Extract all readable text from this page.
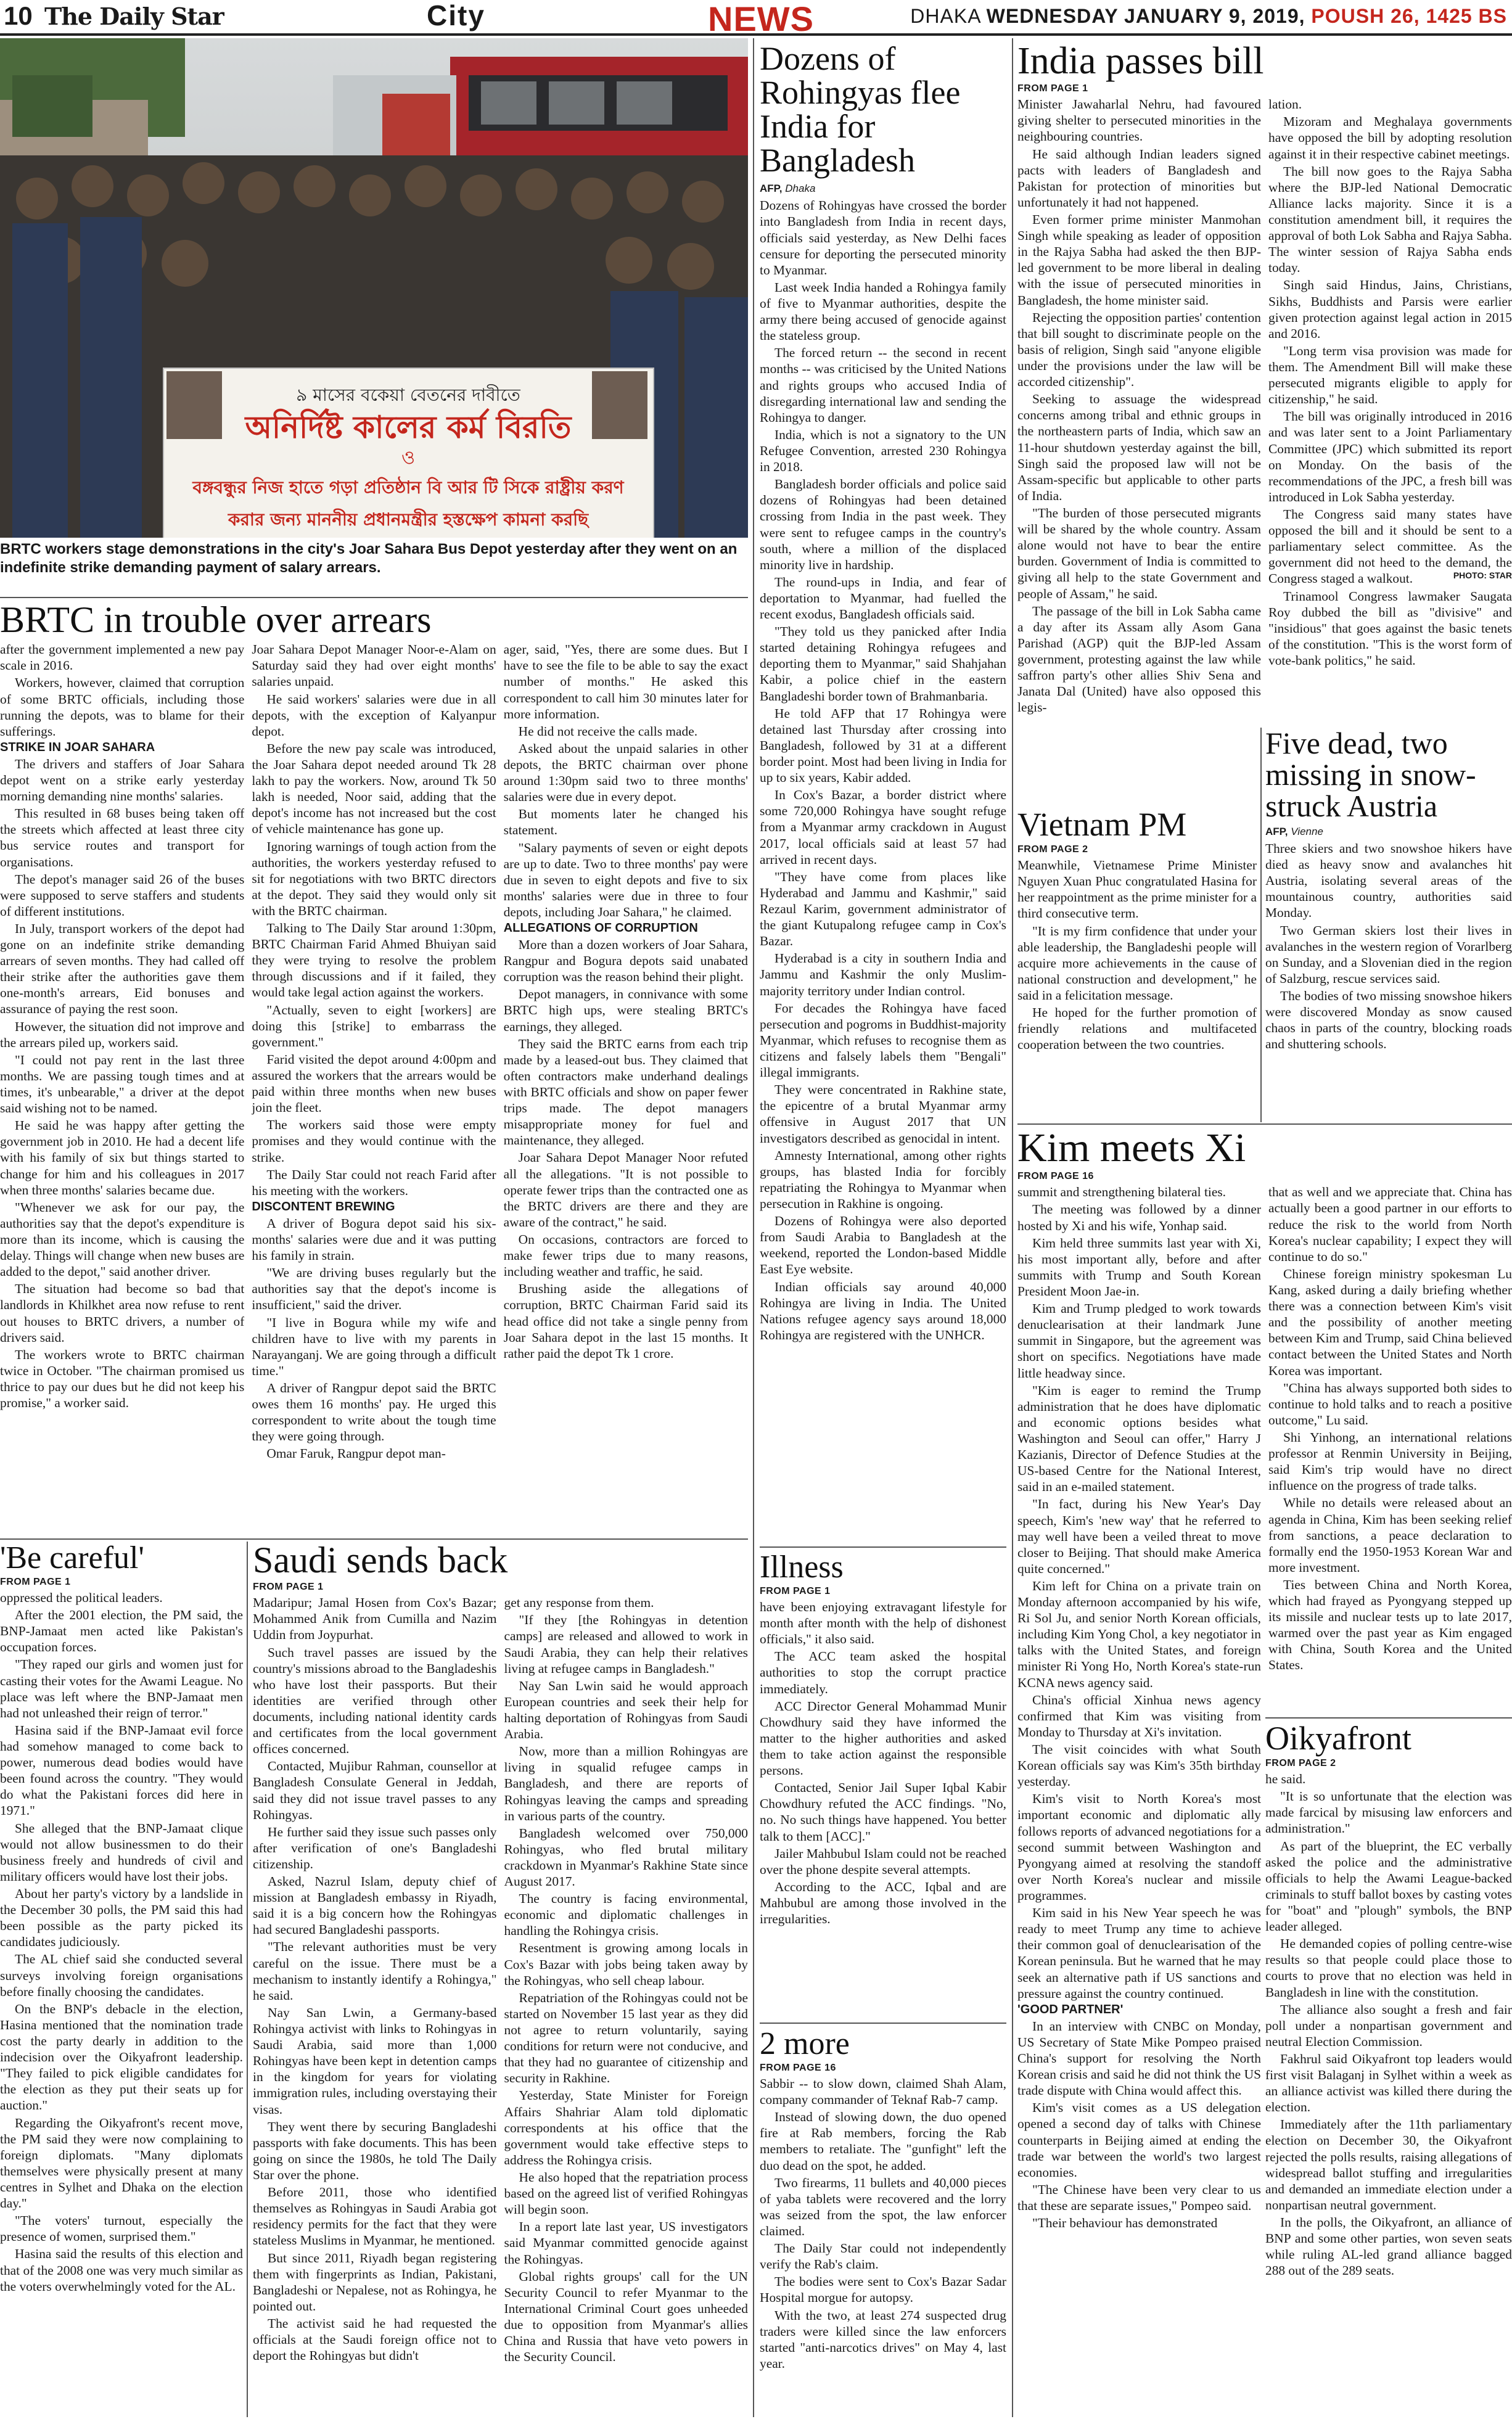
10 The Daily Star	City	NEWS	DHAKA WEDNESDAY JANUARY 9, 2019, POUSH 26, 1425 BS
৯ মাসের বকেয়া বেতনের দাবীতে
অনির্দিষ্ট কালের কর্ম বিরতি
ও
বঙ্গবন্ধুর নিজ হাতে গড়া প্রতিষ্ঠান বি আর টি সিকে রাষ্ট্রীয় করণ
করার জন্য মাননীয় প্রধানমন্ত্রীর হস্তক্ষেপ কামনা করছি
BRTC workers stage demonstrations in the city's Joar Sahara Bus Depot yesterday after they went on an indefinite strike demanding payment of salary arrears.	PHOTO: STAR
BRTC in trouble over arrears

after the government implemented a new pay scale in 2016.

Workers, however, claimed that corruption of some BRTC officials, including those running the depots, was to blame for their sufferings.

STRIKE IN JOAR SAHARA

The drivers and staffers of Joar Sahara depot went on a strike early yesterday morning demanding nine months' salaries.

This resulted in 68 buses being taken off the streets which affected at least three city bus service routes and transport for organisations.

The depot's manager said 26 of the buses were supposed to serve staffers and students of different institutions.

In July, transport workers of the depot had gone on an indefinite strike demanding arrears of seven months. They had called off their strike after the authorities gave them one-month's arrears, Eid bonuses and assurance of paying the rest soon.

However, the situation did not improve and the arrears piled up, workers said.

"I could not pay rent in the last three months. We are passing tough times and at times, it's unbearable," a driver at the depot said wishing not to be named.

He said he was happy after getting the government job in 2010. He had a decent life with his family of six but things started to change for him and his colleagues in 2017 when three months' salaries became due.

"Whenever we ask for our pay, the authorities say that the depot's expenditure is more than its income, which is causing the delay. Things will change when new buses are added to the depot," said another driver.

The situation had become so bad that landlords in Khilkhet area now refuse to rent out houses to BRTC drivers, a number of drivers said.

The workers wrote to BRTC chairman twice in October. "The chairman promised us thrice to pay our dues but he did not keep his promise," a worker said.

Joar Sahara Depot Manager Noor-e-Alam on Saturday said they had over eight months' salaries unpaid.

He said workers' salaries were due in all depots, with the exception of Kalyanpur depot.

Before the new pay scale was introduced, the Joar Sahara depot needed around Tk 28 lakh to pay the workers. Now, around Tk 50 lakh is needed, Noor said, adding that the depot's income has not increased but the cost of vehicle maintenance has gone up.

Ignoring warnings of tough action from the authorities, the workers yesterday refused to sit for negotiations with two BRTC directors at the depot. They said they would only sit with the BRTC chairman.

Talking to The Daily Star around 1:30pm, BRTC Chairman Farid Ahmed Bhuiyan said they were trying to resolve the problem through discussions and if it failed, they would take legal action against the workers.

"Actually, seven to eight [workers] are doing this [strike] to embarrass the government."

Farid visited the depot around 4:00pm and assured the workers that the arrears would be paid within three months when new buses join the fleet.

The workers said those were empty promises and they would continue with the strike.

The Daily Star could not reach Farid after his meeting with the workers.

DISCONTENT BREWING

A driver of Bogura depot said his six-months' salaries were due and it was putting his family in strain.

"We are driving buses regularly but the authorities say that the depot's income is insufficient," said the driver.

"I live in Bogura while my wife and children have to live with my parents in Narayanganj. We are going through a difficult time."

A driver of Rangpur depot said the BRTC owes them 16 months' pay. He urged this correspondent to write about the tough time they were going through.

Omar Faruk, Rangpur depot man-

ager, said, "Yes, there are some dues. But I have to see the file to be able to say the exact number of months." He asked this correspondent to call him 30 minutes later for more information.

He did not receive the calls made.

Asked about the unpaid salaries in other depots, the BRTC chairman over phone around 1:30pm said two to three months' salaries were due in every depot.

But moments later he changed his statement.

"Salary payments of seven or eight depots are up to date. Two to three months' pay were due in seven to eight depots and five to six months' salaries were due in three to four depots, including Joar Sahara," he claimed.

ALLEGATIONS OF CORRUPTION

More than a dozen workers of Joar Sahara, Rangpur and Bogura depots said unabated corruption was the reason behind their plight.

Depot managers, in connivance with some BRTC high ups, were stealing BRTC's earnings, they alleged.

They said the BRTC earns from each trip made by a leased-out bus. They claimed that often contractors make underhand dealings with BRTC officials and show on paper fewer trips made. The depot managers misappropriate money for fuel and maintenance, they alleged.

Joar Sahara Depot Manager Noor refuted all the allegations. "It is not possible to operate fewer trips than the contracted one as the BRTC drivers are there and they are aware of the contract," he said.

On occasions, contractors are forced to make fewer trips due to many reasons, including weather and traffic, he said.

Brushing aside the allegations of corruption, BRTC Chairman Farid said its head office did not take a single penny from Joar Sahara depot in the last 15 months. It rather paid the depot Tk 1 crore.

'Be careful'
FROM PAGE 1

oppressed the political leaders.

After the 2001 election, the PM said, the BNP-Jamaat men acted like Pakistan's occupation forces.

"They raped our girls and women just for casting their votes for the Awami League. No place was left where the BNP-Jamaat men had not unleashed their reign of terror."

Hasina said if the BNP-Jamaat evil force had somehow managed to come back to power, numerous dead bodies would have been found across the country. "They would do what the Pakistani forces did here in 1971."

She alleged that the BNP-Jamaat clique would not allow businessmen to do their business freely and hundreds of civil and military officers would have lost their jobs.

About her party's victory by a landslide in the December 30 polls, the PM said this had been possible as the party picked its candidates judiciously.

The AL chief said she conducted several surveys involving foreign organisations before finally choosing the candidates.

On the BNP's debacle in the election, Hasina mentioned that the nomination trade cost the party dearly in addition to the indecision over the Oikyafront leadership. "They failed to pick eligible candidates for the election as they put their seats up for auction."

Regarding the Oikyafront's recent move, the PM said they were now complaining to foreign diplomats. "Many diplomats themselves were physically present at many centres in Sylhet and Dhaka on the election day."

"The voters' turnout, especially the presence of women, surprised them."

Hasina said the results of this election and that of the 2008 one was very much similar as the voters overwhelmingly voted for the AL.

Saudi sends back
FROM PAGE 1

Madaripur; Jamal Hosen from Cox's Bazar; Mohammed Anik from Cumilla and Nazim Uddin from Joypurhat.

Such travel passes are issued by the country's missions abroad to the Bangladeshis who have lost their passports. But their identities are verified through other documents, including national identity cards and certificates from the local government offices concerned.

Contacted, Mujibur Rahman, counsellor at Bangladesh Consulate General in Jeddah, said they did not issue travel passes to any Rohingyas.

He further said they issue such passes only after verification of one's Bangladeshi citizenship.

Asked, Nazrul Islam, deputy chief of mission at Bangladesh embassy in Riyadh, said it is a big concern how the Rohingyas had secured Bangladeshi passports.

"The relevant authorities must be very careful on the issue. There must be a mechanism to instantly identify a Rohingya," he said.

Nay San Lwin, a Germany-based Rohingya activist with links to Rohingyas in Saudi Arabia, said more than 1,000 Rohingyas have been kept in detention camps in the kingdom for years for violating immigration rules, including overstaying their visas.

They went there by securing Bangladeshi passports with fake documents. This has been going on since the 1980s, he told The Daily Star over the phone.

Before 2011, those who identified themselves as Rohingyas in Saudi Arabia got residency permits for the fact that they were stateless Muslims in Myanmar, he mentioned.

But since 2011, Riyadh began registering them with fingerprints as Indian, Pakistani, Bangladeshi or Nepalese, not as Rohingya, he pointed out.

The activist said he had requested the officials at the Saudi foreign office not to deport the Rohingyas but didn't

get any response from them.

"If they [the Rohingyas in detention camps] are released and allowed to work in Saudi Arabia, they can help their relatives living at refugee camps in Bangladesh."

Nay San Lwin said he would approach European countries and seek their help for halting deportation of Rohingyas from Saudi Arabia.

Now, more than a million Rohingyas are living in squalid refugee camps in Bangladesh, and there are reports of Rohingyas leaving the camps and spreading in various parts of the country.

Bangladesh welcomed over 750,000 Rohingyas, who fled brutal military crackdown in Myanmar's Rakhine State since August 2017.

The country is facing environmental, economic and diplomatic challenges in handling the Rohingya crisis.

Resentment is growing among locals in Cox's Bazar with jobs being taken away by the Rohingyas, who sell cheap labour.

Repatriation of the Rohingyas could not be started on November 15 last year as they did not agree to return voluntarily, saying conditions for return were not conducive, and that they had no guarantee of citizenship and security in Rakhine.

Yesterday, State Minister for Foreign Affairs Shahriar Alam told diplomatic correspondents at his office that the government would take effective steps to address the Rohingya crisis.

He also hoped that the repatriation process based on the agreed list of verified Rohingyas will begin soon.

In a report late last year, US investigators said Myanmar committed genocide against the Rohingyas.

Global rights groups' call for the UN Security Council to refer Myanmar to the International Criminal Court goes unheeded due to opposition from Myanmar's allies China and Russia that have veto powers in the Security Council.

Dozens of Rohingyas flee India for Bangladesh
AFP, Dhaka

Dozens of Rohingyas have crossed the border into Bangladesh from India in recent days, officials said yesterday, as New Delhi faces censure for deporting the persecuted minority to Myanmar.

Last week India handed a Rohingya family of five to Myanmar authorities, despite the army there being accused of genocide against the stateless group.

The forced return -- the second in recent months -- was criticised by the United Nations and rights groups who accused India of disregarding international law and sending the Rohingya to danger.

India, which is not a signatory to the UN Refugee Convention, arrested 230 Rohingya in 2018.

Bangladesh border officials and police said dozens of Rohingyas had been detained crossing from India in the past week. They were sent to refugee camps in the country's south, where a million of the displaced minority live in hardship.

The round-ups in India, and fear of deportation to Myanmar, had fuelled the recent exodus, Bangladesh officials said.

"They told us they panicked after India started detaining Rohingya refugees and deporting them to Myanmar," said Shahjahan Kabir, a police chief in the eastern Bangladeshi border town of Brahmanbaria.

He told AFP that 17 Rohingya were detained last Thursday after crossing into Bangladesh, followed by 31 at a different border point. Most had been living in India for up to six years, Kabir added.

In Cox's Bazar, a border district where some 720,000 Rohingya have sought refuge from a Myanmar army crackdown in August 2017, local officials said at least 57 had arrived in recent days.

"They have come from places like Hyderabad and Jammu and Kashmir," said Rezaul Karim, government administrator of the giant Kutupalong refugee camp in Cox's Bazar.

Hyderabad is a city in southern India and Jammu and Kashmir the only Muslim-majority territory under Indian control.

For decades the Rohingya have faced persecution and pogroms in Buddhist-majority Myanmar, which refuses to recognise them as citizens and falsely labels them "Bengali" illegal immigrants.

They were concentrated in Rakhine state, the epicentre of a brutal Myanmar army offensive in August 2017 that UN investigators described as genocidal in intent.

Amnesty International, among other rights groups, has blasted India for forcibly repatriating the Rohingya to Myanmar when persecution in Rakhine is ongoing.

Dozens of Rohingya were also deported from Saudi Arabia to Bangladesh at the weekend, reported the London-based Middle East Eye website.

Indian officials say around 40,000 Rohingya are living in India. The United Nations refugee agency says around 18,000 Rohingya are registered with the UNHCR.

Illness
FROM PAGE 1

have been enjoying extravagant lifestyle for month after month with the help of dishonest officials," it also said.

The ACC team asked the hospital authorities to stop the corrupt practice immediately.

ACC Director General Mohammad Munir Chowdhury said they have informed the matter to the higher authorities and asked them to take action against the responsible persons.

Contacted, Senior Jail Super Iqbal Kabir Chowdhury refuted the ACC findings. "No, no. No such things have happened. You better talk to them [ACC]."

Jailer Mahbubul Islam could not be reached over the phone despite several attempts.

According to the ACC, Iqbal and are Mahbubul are among those involved in the irregularities.

2 more
FROM PAGE 16

Sabbir -- to slow down, claimed Shah Alam, company commander of Teknaf Rab-7 camp.

Instead of slowing down, the duo opened fire at Rab members, forcing the Rab members to retaliate. The "gunfight" left the duo dead on the spot, he added.

Two firearms, 11 bullets and 40,000 pieces of yaba tablets were recovered and the lorry was seized from the spot, the law enforcer claimed.

The Daily Star could not independently verify the Rab's claim.

The bodies were sent to Cox's Bazar Sadar Hospital morgue for autopsy.

With the two, at least 274 suspected drug traders were killed since the law enforcers started "anti-narcotics drives" on May 4, last year.

India passes bill
FROM PAGE 1

Minister Jawaharlal Nehru, had favoured giving shelter to persecuted minorities in the neighbouring countries.

He said although Indian leaders signed pacts with leaders of Bangladesh and Pakistan for protection of minorities but unfortunately it had not happened.

Even former prime minister Manmohan Singh while speaking as leader of opposition in the Rajya Sabha had asked the then BJP-led government to be more liberal in dealing with the issue of persecuted minorities in Bangladesh, the home minister said.

Rejecting the opposition parties' contention that bill sought to discriminate people on the basis of religion, Singh said "anyone eligible under the provisions under the law will be accorded citizenship".

Seeking to assuage the widespread concerns among tribal and ethnic groups in the northeastern parts of India, which saw an 11-hour shutdown yesterday against the bill, Singh said the proposed law will not be Assam-specific but applicable to other parts of India.

"The burden of those persecuted migrants will be shared by the whole country. Assam alone would not have to bear the entire burden. Government of India is committed to giving all help to the state Government and people of Assam," he said.

The passage of the bill in Lok Sabha came a day after its Assam ally Asom Gana Parishad (AGP) quit the BJP-led Assam government, protesting against the law while saffron party's other allies Shiv Sena and Janata Dal (United) have also opposed this legis-

lation.

Mizoram and Meghalaya governments have opposed the bill by adopting resolution against it in their respective cabinet meetings.

The bill now goes to the Rajya Sabha where the BJP-led National Democratic Alliance lacks majority. Since it is a constitution amendment bill, it requires the approval of both Lok Sabha and Rajya Sabha. The winter session of Rajya Sabha ends today.

Singh said Hindus, Jains, Christians, Sikhs, Buddhists and Parsis were earlier given protection against legal action in 2015 and 2016.

"Long term visa provision was made for them. The Amendment Bill will make these persecuted migrants eligible to apply for citizenship," he said.

The bill was originally introduced in 2016 and was later sent to a Joint Parliamentary Committee (JPC) which submitted its report on Monday. On the basis of the recommendations of the JPC, a fresh bill was introduced in Lok Sabha yesterday.

The Congress said many states have opposed the bill and it should be sent to a parliamentary select committee. As the government did not heed to the demand, the Congress staged a walkout.

Trinamool Congress lawmaker Saugata Roy dubbed the bill as "divisive" and "insidious" that goes against the basic tenets of the constitution. "This is the worst form of vote-bank politics," he said.

Vietnam PM
FROM PAGE 2

Meanwhile, Vietnamese Prime Minister Nguyen Xuan Phuc congratulated Hasina for her reappointment as the prime minister for a third consecutive term.

"It is my firm confidence that under your able leadership, the Bangladeshi people will acquire more achievements in the cause of national construction and development," he said in a felicitation message.

He hoped for the further promotion of friendly relations and multifaceted cooperation between the two countries.

Five dead, two missing in snow-struck Austria
AFP, Vienne

Three skiers and two snowshoe hikers have died as heavy snow and avalanches hit Austria, isolating several areas of the mountainous country, authorities said Monday.

Two German skiers lost their lives in avalanches in the western region of Vorarlberg on Sunday, and a Slovenian died in the region of Salzburg, rescue services said.

The bodies of two missing snowshoe hikers were discovered Monday as snow caused chaos in parts of the country, blocking roads and shuttering schools.

Kim meets Xi
FROM PAGE 16

summit and strengthening bilateral ties.

The meeting was followed by a dinner hosted by Xi and his wife, Yonhap said.

Kim held three summits last year with Xi, his most important ally, before and after summits with Trump and South Korean President Moon Jae-in.

Kim and Trump pledged to work towards denuclearisation at their landmark June summit in Singapore, but the agreement was short on specifics. Negotiations have made little headway since.

"Kim is eager to remind the Trump administration that he does have diplomatic and economic options besides what Washington and Seoul can offer," Harry J Kazianis, Director of Defence Studies at the US-based Centre for the National Interest, said in an e-mailed statement.

"In fact, during his New Year's Day speech, Kim's 'new way' that he referred to may well have been a veiled threat to move closer to Beijing. That should make America quite concerned."

Kim left for China on a private train on Monday afternoon accompanied by his wife, Ri Sol Ju, and senior North Korean officials, including Kim Yong Chol, a key negotiator in talks with the United States, and foreign minister Ri Yong Ho, North Korea's state-run KCNA news agency said.

China's official Xinhua news agency confirmed that Kim was visiting from Monday to Thursday at Xi's invitation.

The visit coincides with what South Korean officials say was Kim's 35th birthday yesterday.

Kim's visit to North Korea's most important economic and diplomatic ally follows reports of advanced negotiations for a second summit between Washington and Pyongyang aimed at resolving the standoff over North Korea's nuclear and missile programmes.

Kim said in his New Year speech he was ready to meet Trump any time to achieve their common goal of denuclearisation of the Korean peninsula. But he warned that he may seek an alternative path if US sanctions and pressure against the country continued.

'GOOD PARTNER'

In an interview with CNBC on Monday, US Secretary of State Mike Pompeo praised China's support for resolving the North Korean crisis and said he did not think the US trade dispute with China would affect this.

Kim's visit comes as a US delegation opened a second day of talks with Chinese counterparts in Beijing aimed at ending the trade war between the world's two largest economies.

"The Chinese have been very clear to us that these are separate issues," Pompeo said.

"Their behaviour has demonstrated

that as well and we appreciate that. China has actually been a good partner in our efforts to reduce the risk to the world from North Korea's nuclear capability; I expect they will continue to do so."

Chinese foreign ministry spokesman Lu Kang, asked during a daily briefing whether there was a connection between Kim's visit and the possibility of another meeting between Kim and Trump, said China believed contact between the United States and North Korea was important.

"China has always supported both sides to continue to hold talks and to reach a positive outcome," Lu said.

Shi Yinhong, an international relations professor at Renmin University in Beijing, said Kim's trip would have no direct influence on the progress of trade talks.

While no details were released about an agenda in China, Kim has been seeking relief from sanctions, a peace declaration to formally end the 1950-1953 Korean War and more investment.

Ties between China and North Korea, which had frayed as Pyongyang stepped up its missile and nuclear tests up to late 2017, warmed over the past year as Kim engaged with China, South Korea and the United States.

Oikyafront
FROM PAGE 2

he said.

"It is so unfortunate that the election was made farcical by misusing law enforcers and administration."

As part of the blueprint, the EC verbally asked the police and the administrative officials to help the Awami League-backed criminals to stuff ballot boxes by casting votes for "boat" and "plough" symbols, the BNP leader alleged.

He demanded copies of polling centre-wise results so that people could place those to courts to prove that no election was held in Bangladesh in line with the constitution.

The alliance also sought a fresh and fair poll under a nonpartisan government and neutral Election Commission.

Fakhrul said Oikyafront top leaders would first visit Balaganj in Sylhet within a week as an alliance activist was killed there during the election.

Immediately after the 11th parliamentary election on December 30, the Oikyafront rejected the polls results, raising allegations of widespread ballot stuffing and irregularities and demanded an immediate election under a nonpartisan neutral government.

In the polls, the Oikyafront, an alliance of BNP and some other parties, won seven seats while ruling AL-led grand alliance bagged 288 out of the 289 seats.
